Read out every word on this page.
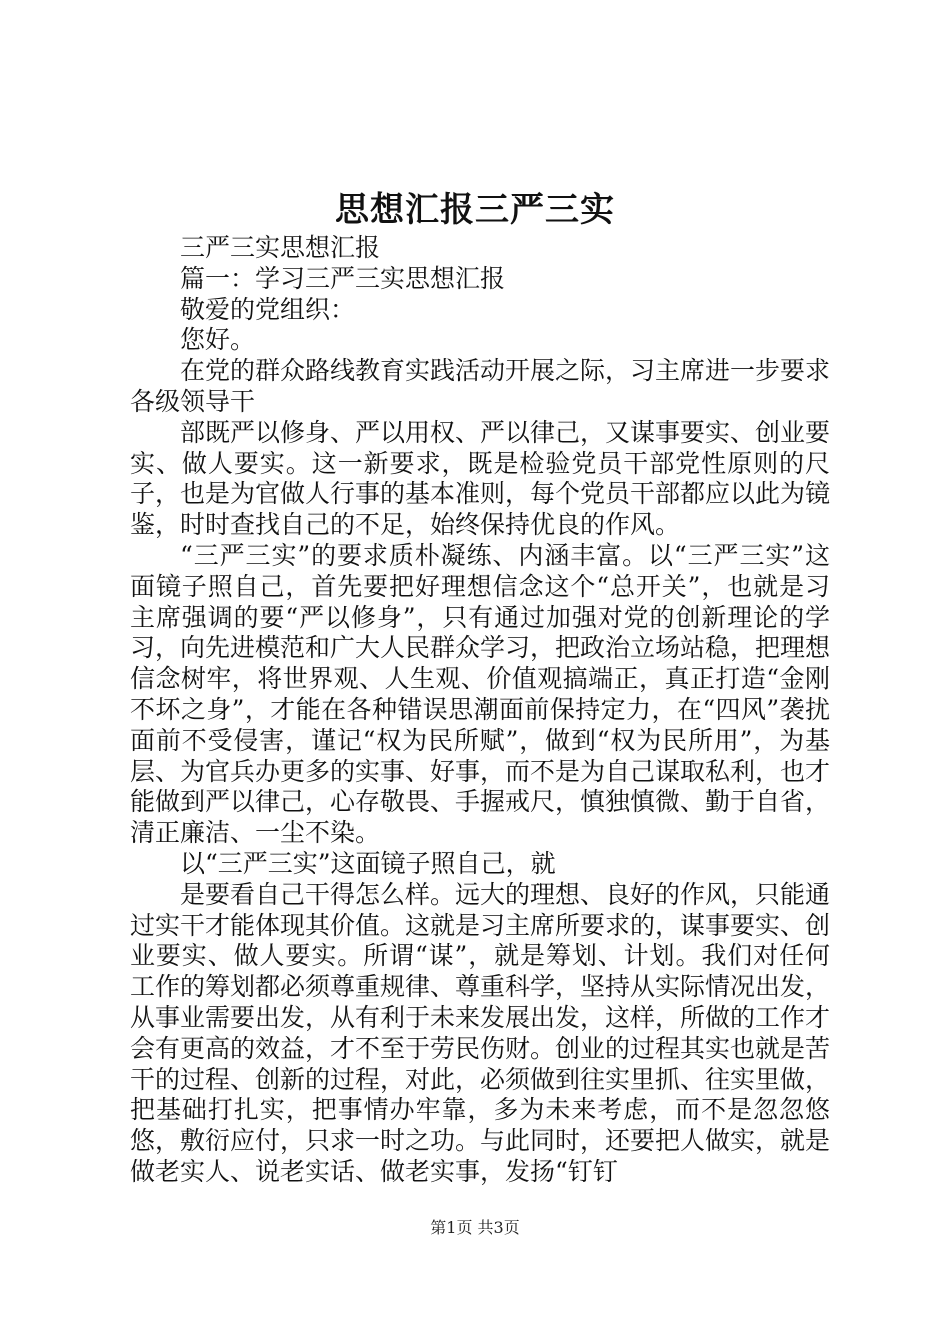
思想汇报三严三实

三严三实思想汇报

篇一：学习三严三实思想汇报

敬爱的党组织：

您好。

在党的群众路线教育实践活动开展之际，习主席进一步要求各级领导干

部既严以修身、严以用权、严以律己，又谋事要实、创业要实、做人要实。这一新要求，既是检验党员干部党性原则的尺子，也是为官做人行事的基本准则，每个党员干部都应以此为镜鉴，时时查找自己的不足，始终保持优良的作风。

“三严三实”的要求质朴凝练、内涵丰富。以“三严三实”这面镜子照自己，首先要把好理想信念这个“总开关”，也就是习主席强调的要“严以修身”，只有通过加强对党的创新理论的学习，向先进模范和广大人民群众学习，把政治立场站稳，把理想信念树牢，将世界观、人生观、价值观搞端正，真正打造“金刚不坏之身”，才能在各种错误思潮面前保持定力，在“四风”袭扰面前不受侵害，谨记“权为民所赋”，做到“权为民所用”，为基层、为官兵办更多的实事、好事，而不是为自己谋取私利，也才能做到严以律己，心存敬畏、手握戒尺，慎独慎微、勤于自省，清正廉洁、一尘不染。

以“三严三实”这面镜子照自己，就

是要看自己干得怎么样。远大的理想、良好的作风，只能通过实干才能体现其价值。这就是习主席所要求的，谋事要实、创业要实、做人要实。所谓“谋”，就是筹划、计划。我们对任何工作的筹划都必须尊重规律、尊重科学，坚持从实际情况出发，从事业需要出发，从有利于未来发展出发，这样，所做的工作才会有更高的效益，才不至于劳民伤财。创业的过程其实也就是苦干的过程、创新的过程，对此，必须做到往实里抓、往实里做，把基础打扎实，把事情办牢靠，多为未来考虑，而不是忽忽悠悠，敷衍应付，只求一时之功。与此同时，还要把人做实，就是做老实人、说老实话、做老实事，发扬“钉钉

第1页 共3页
